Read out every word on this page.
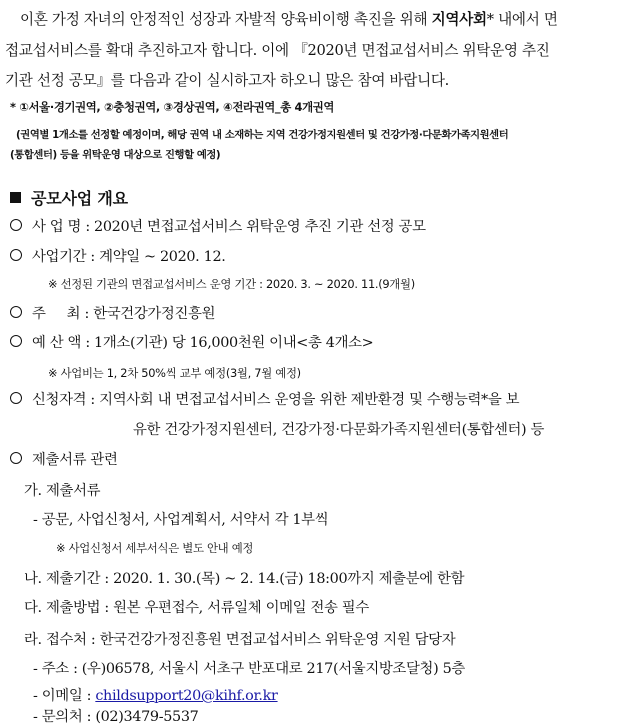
이혼 가정 자녀의 안정적인 성장과 자발적 양육비이행 촉진을 위해 지역사회* 내에서 면
접교섭서비스를 확대 추진하고자 합니다. 이에 『2020년 면접교섭서비스 위탁운영 추진
기관 선정 공모』를 다음과 같이 실시하고자 하오니 많은 참여 바랍니다.
* ①서울·경기권역, ②충청권역, ③경상권역, ④전라권역_총 4개권역
(권역별 1개소를 선정할 예정이며, 해당 권역 내 소재하는 지역 건강가정지원센터 및 건강가정·다문화가족지원센터
(통합센터) 등을 위탁운영 대상으로 진행할 예정)
공모사업 개요
사 업 명 : 2020년 면접교섭서비스 위탁운영 추진 기관 선정 공모
사업기간 : 계약일 ~ 2020. 12.
※ 선정된 기관의 면접교섭서비스 운영 기간 : 2020. 3. ~ 2020. 11.(9개월)
주     최 : 한국건강가정진흥원
예 산 액 : 1개소(기관) 당 16,000천원 이내<총 4개소>
※ 사업비는 1, 2차 50%씩 교부 예정(3월, 7월 예정)
신청자격 : 지역사회 내 면접교섭서비스 운영을 위한 제반환경 및 수행능력*을 보
유한 건강가정지원센터, 건강가정·다문화가족지원센터(통합센터) 등
제출서류 관련
가. 제출서류
- 공문, 사업신청서, 사업계획서, 서약서 각 1부씩
※ 사업신청서 세부서식은 별도 안내 예정
나. 제출기간 : 2020. 1. 30.(목) ~ 2. 14.(금) 18:00까지 제출분에 한함
다. 제출방법 : 원본 우편접수, 서류일체 이메일 전송 필수
라. 접수처 : 한국건강가정진흥원 면접교섭서비스 위탁운영 지원 담당자
- 주소 : (우)06578, 서울시 서초구 반포대로 217(서울지방조달청) 5층
- 이메일 : childsupport20@kihf.or.kr
- 문의처 : (02)3479-5537
